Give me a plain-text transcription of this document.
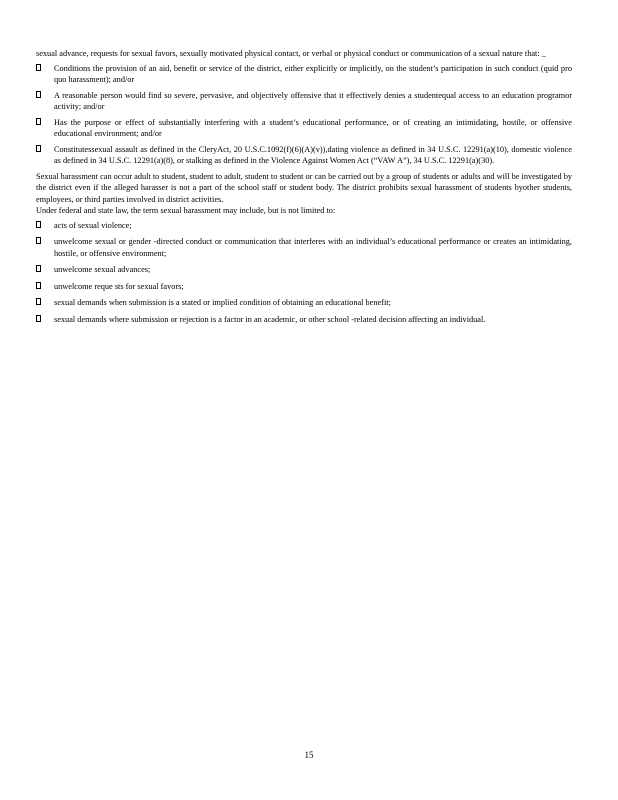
sexual advance, requests for sexual favors, sexually motivated physical contact, or verbal or physical conduct or communication of a sexual nature that: _

Conditions the provision of an aid, benefit or service of the district, either explicitly or implicitly, on the student’s participation in such conduct (quid pro quo harassment); and/or
A reasonable person would find so severe, pervasive, and objectively offensive that it effectively denies a studentequal access to an education programor activity; and/or
Has the purpose or effect of substantially interfering with a student’s educational performance, or of creating an intimidating, hostile, or offensive educational environment; and/or
Constitutessexual assault as defined in the CleryAct, 20 U.S.C.1092(f)(6)(A)(v)),dating violence as defined in 34 U.S.C. 12291(a)(10), domestic violence as defined in 34 U.S.C. 12291(a)(8), or stalking as defined in the Violence Against Women Act (“VAW A”), 34 U.S.C. 12291(a)(30).

Sexual harassment can occur adult to student, student to adult, student to student or can be carried out by a group of students or adults and will be investigated by the district even if the alleged harasser is not a part of the school staff or student body. The district prohibits sexual harassment of students byother students, employees, or third parties involved in district activities.

Under federal and state law, the term sexual harassment may include, but is not limited to:

acts of sexual violence;
unwelcome sexual or gender -directed conduct or communication that interferes with an individual’s educational performance or creates an intimidating, hostile, or offensive environment;
unwelcome sexual advances;
unwelcome reque sts for sexual favors;
sexual demands when submission is a stated or implied condition of obtaining an educational benefit;
sexual demands where submission or rejection is a factor in an academic, or other school -related decision affecting an individual.
15
